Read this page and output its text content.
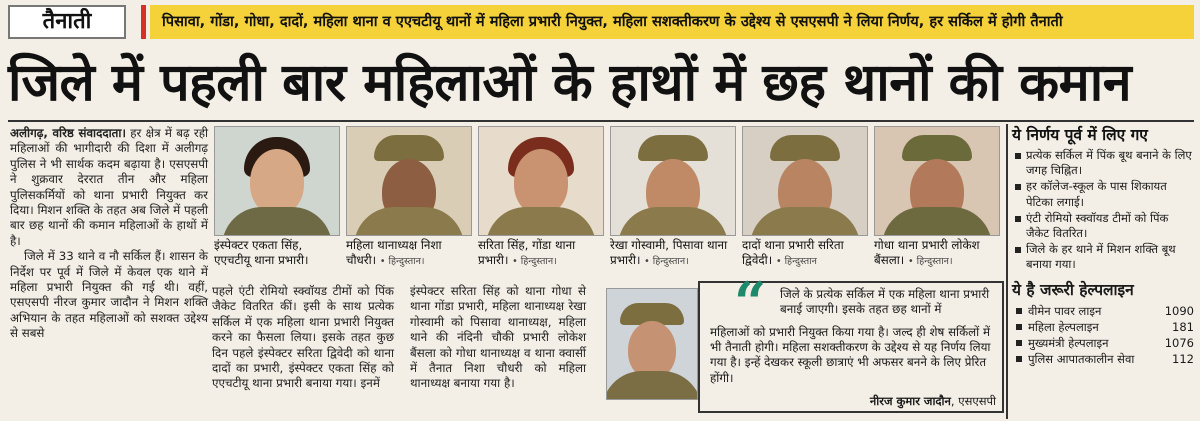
तैनाती	पिसावा, गोंडा, गोधा, दादों, महिला थाना व एएचटीयू थानों में महिला प्रभारी नियुक्त, महिला सशक्तीकरण के उद्देश्य से एसएसपी ने लिया निर्णय, हर सर्किल में होगी तैनाती
जिले में पहली बार महिलाओं के हाथों में छह थानों की कमान

अलीगढ़, वरिष्ठ संवाददाता। हर क्षेत्र में बढ़ रही महिलाओं की भागीदारी की दिशा में अलीगढ़ पुलिस ने भी सार्थक कदम बढ़ाया है। एसएसपी ने शुक्रवार देररात तीन और महिला पुलिसकर्मियों को थाना प्रभारी नियुक्त कर दिया। मिशन शक्ति के तहत अब जिले में पहली बार छह थानों की कमान महिलाओं के हाथों में है।

जिले में 33 थाने व नौ सर्किल हैं। शासन के निर्देश पर पूर्व में जिले में केवल एक थाने में महिला प्रभारी नियुक्त की गई थी। वहीं, एसएसपी नीरज कुमार जादौन ने मिशन शक्ति अभियान के तहत महिलाओं को सशक्त उद्देश्य से सबसे

इंस्पेक्टर एकता सिंह, एएचटीयू थाना प्रभारी।
महिला थानाध्यक्ष निशा चौधरी। • हिन्दुस्तान।
सरिता सिंह, गोंडा थाना प्रभारी। • हिन्दुस्तान।
रेखा गोस्वामी, पिसावा थाना प्रभारी। • हिन्दुस्तान।
दादों थाना प्रभारी सरिता द्विवेदी। • हिन्दुस्तान
गोधा थाना प्रभारी लोकेश बैंसला। • हिन्दुस्तान।
पहले एंटी रोमियो स्क्वॉयड टीमों को पिंक जैकेट वितरित कीं। इसी के साथ प्रत्येक सर्किल में एक महिला थाना प्रभारी नियुक्त करने का फैसला लिया। इसके तहत कुछ दिन पहले इंस्पेक्टर सरिता द्विवेदी को थाना दादों का प्रभारी, इंस्पेक्टर एकता सिंह को एएचटीयू थाना प्रभारी बनाया गया। इनमें
इंस्पेक्टर सरिता सिंह को थाना गोधा से थाना गोंडा प्रभारी, महिला थानाध्यक्ष रेखा गोस्वामी को पिसावा थानाध्यक्ष, महिला थाने की नंदिनी चौकी प्रभारी लोकेश बैंसला को गोधा थानाध्यक्ष व थाना क्वार्सी में तैनात निशा चौधरी को महिला थानाध्यक्ष बनाया गया है।
“ जिले के प्रत्येक सर्किल में एक महिला थाना प्रभारी बनाई जाएगी। इसके तहत छह थानों में
महिलाओं को प्रभारी नियुक्त किया गया है। जल्द ही शेष सर्किलों में भी तैनाती होगी। महिला सशक्तीकरण के उद्देश्य से यह निर्णय लिया गया है। इन्हें देखकर स्कूली छात्राएं भी अफसर बनने के लिए प्रेरित होंगी।
नीरज कुमार जादौन, एसएसपी
ये निर्णय पूर्व में लिए गए
प्रत्येक सर्किल में पिंक बूथ बनाने के लिए जगह चिह्नित।
हर कॉलेज-स्कूल के पास शिकायत पेटिका लगाई।
एंटी रोमियो स्क्वॉयड टीमों को पिंक जैकेट वितरित।
जिले के हर थाने में मिशन शक्ति बूथ बनाया गया।
ये है जरूरी हेल्पलाइन
वीमेन पावर लाइन	1090
महिला हेल्पलाइन	181
मुख्यमंत्री हेल्पलाइन	1076
पुलिस आपातकालीन सेवा	112
